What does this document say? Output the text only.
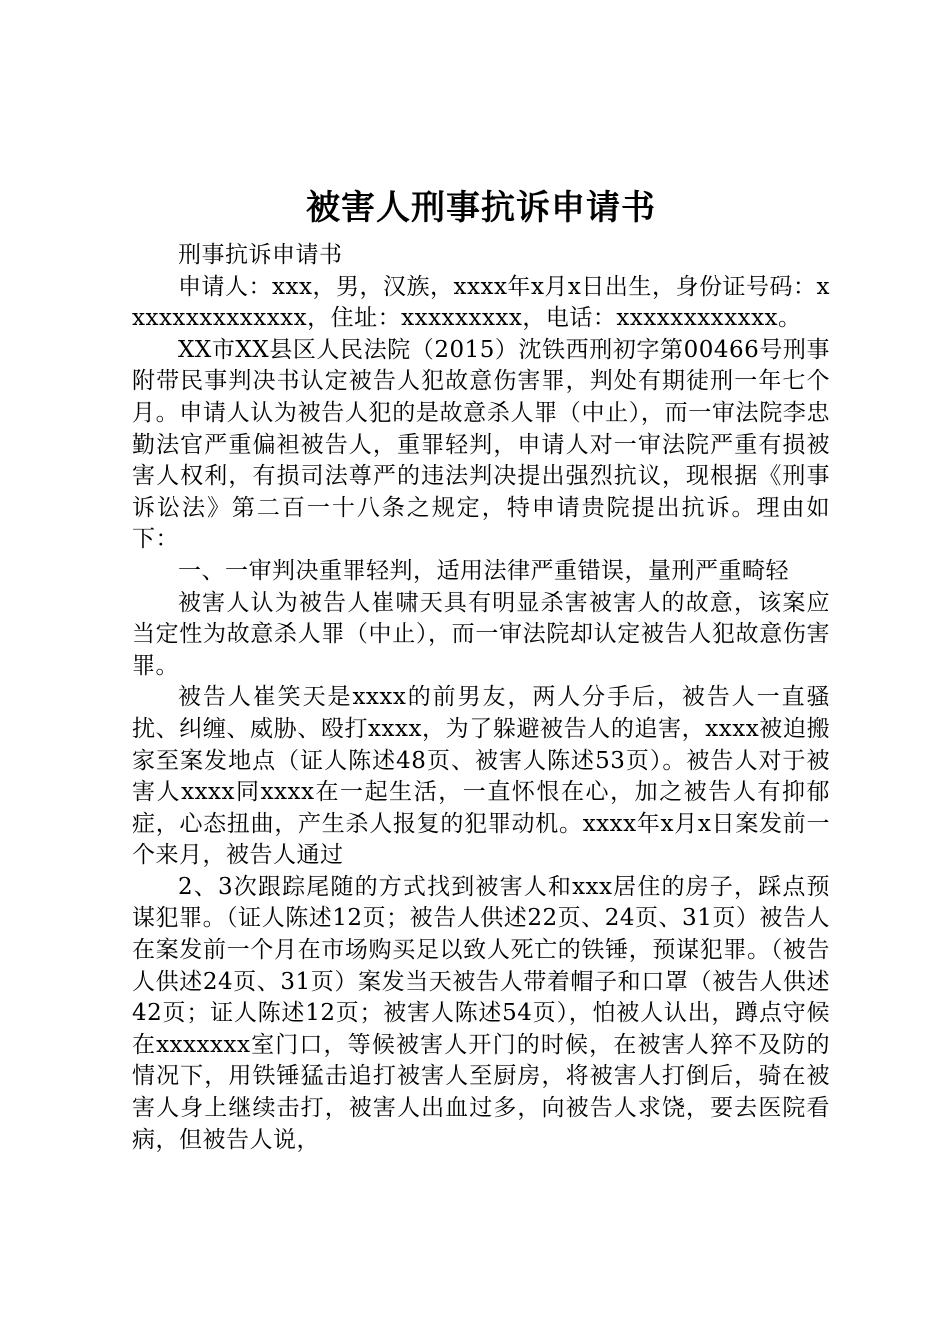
被害人刑事抗诉申请书

刑事抗诉申请书

申请人：xxx，男，汉族，xxxx年x月x日出生，身份证号码：xxxxxxxxxxxxxx，住址：xxxxxxxxx，电话：xxxxxxxxxxxx。

XX市XX县区人民法院（2015）沈铁西刑初字第00466号刑事附带民事判决书认定被告人犯故意伤害罪，判处有期徒刑一年七个月。申请人认为被告人犯的是故意杀人罪（中止），而一审法院李忠勤法官严重偏袒被告人，重罪轻判，申请人对一审法院严重有损被害人权利，有损司法尊严的违法判决提出强烈抗议，现根据《刑事诉讼法》第二百一十八条之规定，特申请贵院提出抗诉。理由如下：

一、一审判决重罪轻判，适用法律严重错误，量刑严重畸轻

被害人认为被告人崔啸天具有明显杀害被害人的故意，该案应当定性为故意杀人罪（中止），而一审法院却认定被告人犯故意伤害罪。

被告人崔笑天是xxxx的前男友，两人分手后，被告人一直骚扰、纠缠、威胁、殴打xxxx，为了躲避被告人的追害，xxxx被迫搬家至案发地点（证人陈述48页、被害人陈述53页）。被告人对于被害人xxxx同xxxx在一起生活，一直怀恨在心，加之被告人有抑郁症，心态扭曲，产生杀人报复的犯罪动机。xxxx年x月x日案发前一个来月，被告人通过

2、3次跟踪尾随的方式找到被害人和xxx居住的房子，踩点预谋犯罪。（证人陈述12页；被告人供述22页、24页、31页）被告人在案发前一个月在市场购买足以致人死亡的铁锤，预谋犯罪。（被告人供述24页、31页）案发当天被告人带着帽子和口罩（被告人供述42页；证人陈述12页；被害人陈述54页），怕被人认出，蹲点守候在xxxxxxx室门口，等候被害人开门的时候，在被害人猝不及防的情况下，用铁锤猛击追打被害人至厨房，将被害人打倒后，骑在被害人身上继续击打，被害人出血过多，向被告人求饶，要去医院看病，但被告人说，
